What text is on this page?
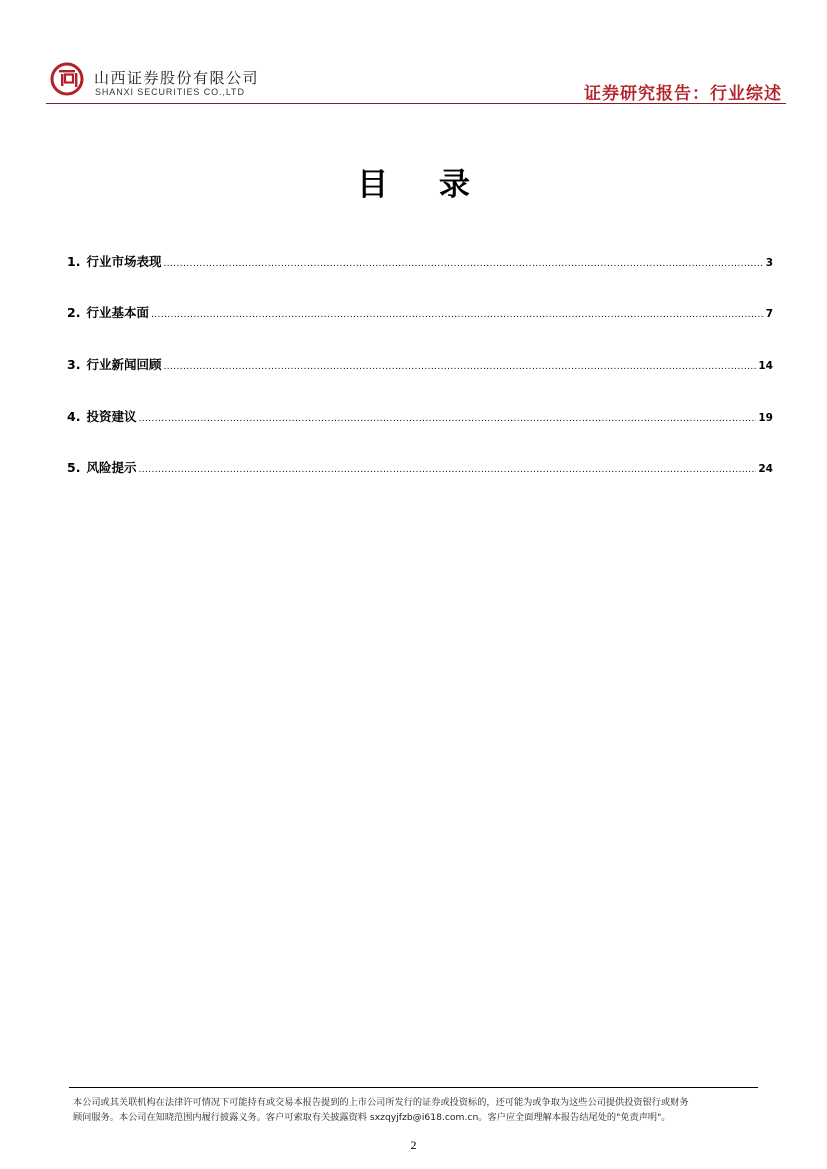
山西证券股份有限公司
SHANXI SECURITIES CO.,LTD	证券研究报告：行业综述
目 录
1. 行业市场表现 .....	3
2. 行业基本面 .....	7
3. 行业新闻回顾 .....	14
4. 投资建议 .....	19
5. 风险提示 .....	24
本公司或其关联机构在法律许可情况下可能持有或交易本报告提到的上市公司所发行的证券或投资标的，还可能为或争取为这些公司提供投资银行或财务
顾问服务。本公司在知晓范围内履行披露义务。客户可索取有关披露资料 sxzqyjfzb@i618.com.cn。客户应全面理解本报告结尾处的"免责声明"。
2
